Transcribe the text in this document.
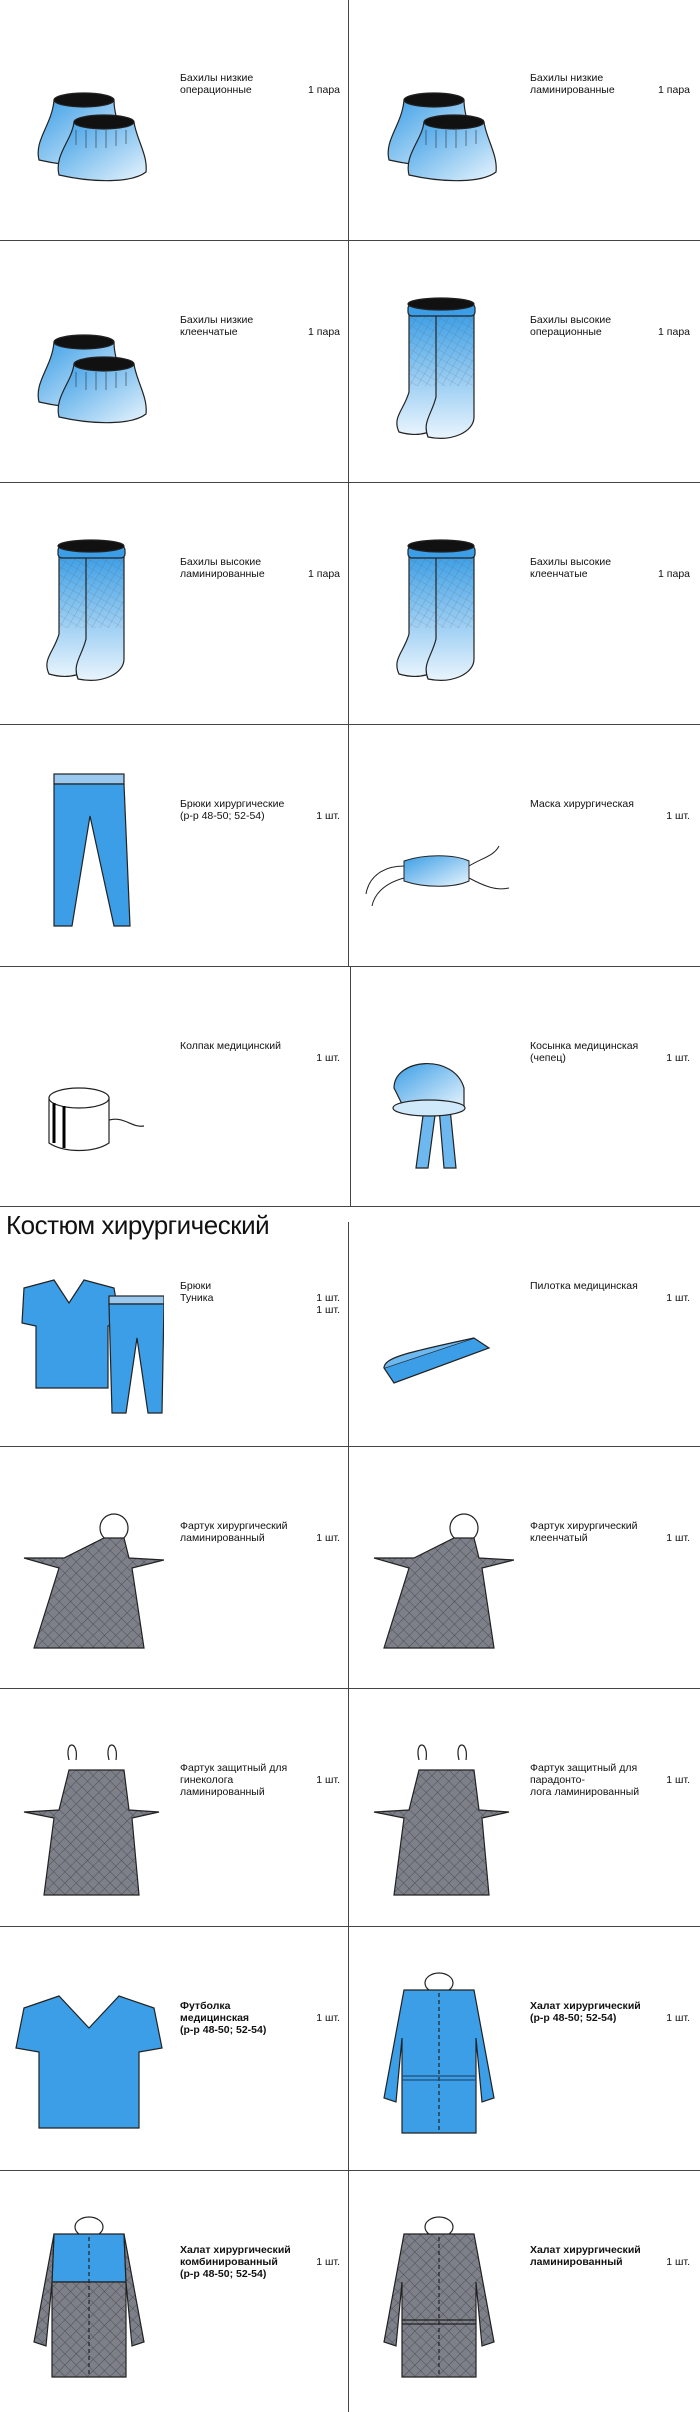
Костюм хирургический
Бахилы низкие
операционные	1 пара
Бахилы низкие
ламинированные	1 пара
Бахилы низкие
клеенчатые	1 пара
Бахилы высокие
операционные	1 пара
Бахилы высокие
ламинированные	1 пара
Бахилы высокие
клеенчатые	1 пара
Брюки хирургические
(р-р 48-50; 52-54)	1 шт.
Маска хирургическая
1 шт.
Колпак медицинский
1 шт.
Косынка медицинская
(чепец)	1 шт.
Брюки
Туника	1 шт.
1 шт.
Пилотка медицинская
1 шт.
Фартук хирургический
ламинированный	1 шт.
Фартук хирургический
клеенчатый	1 шт.
Фартук защитный для гинеколога
ламинированный
1 шт.
Фартук защитный для парадонто-
лога ламинированный
1 шт.
Футболка медицинская
(р-р 48-50; 52-54)
1 шт.
Халат хирургический
(р-р 48-50; 52-54)	1 шт.
Халат хирургический
комбинированный
(р-р 48-50; 52-54)
1 шт.
Халат хирургический
ламинированный	1 шт.
